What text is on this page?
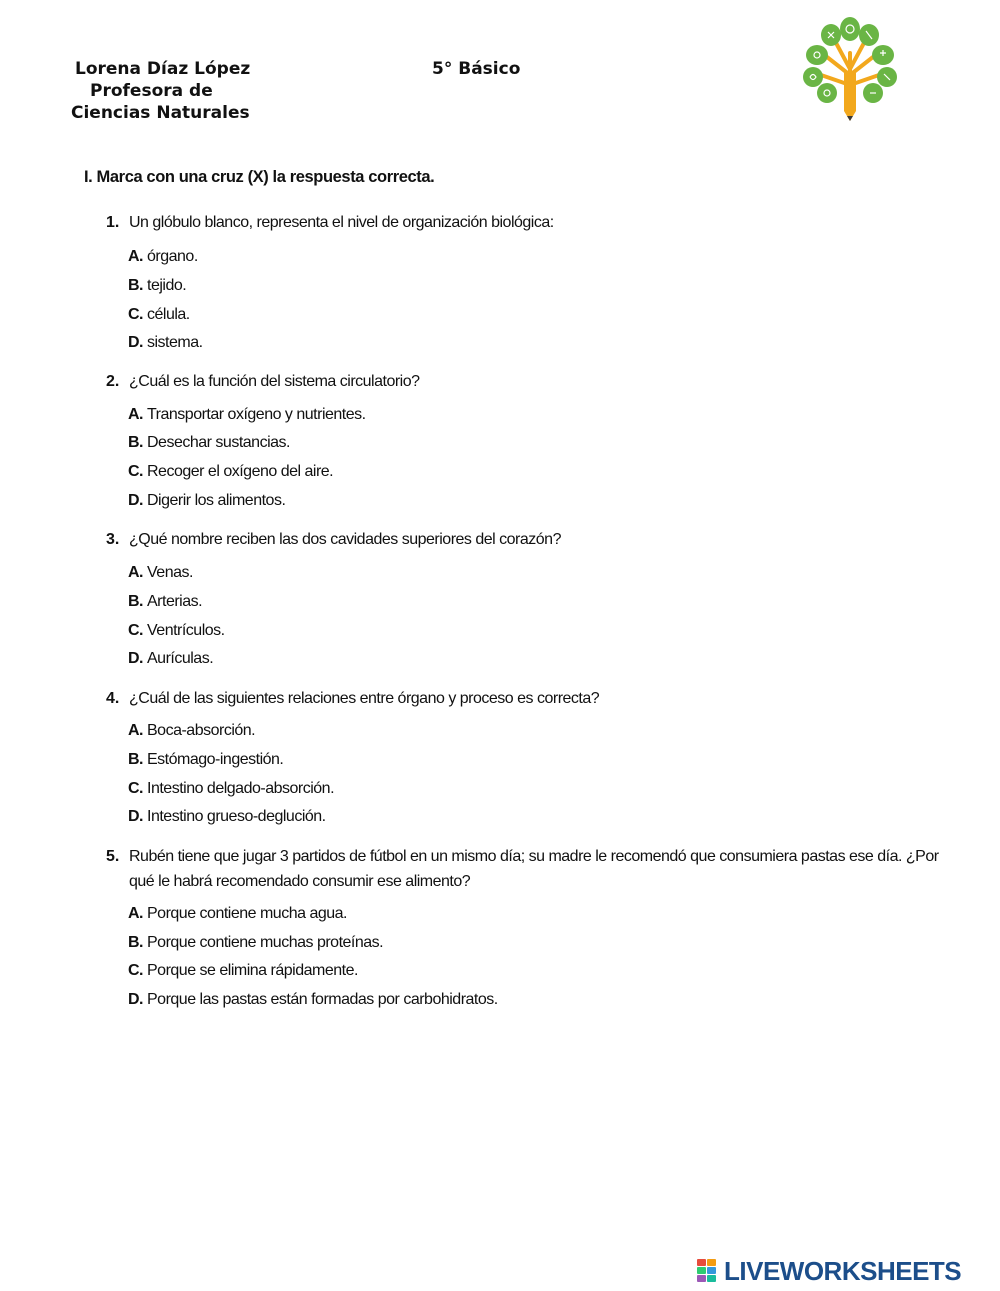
Lorena Díaz López
Profesora de
Ciencias Naturales
5° Básico
I. Marca con una cruz (X) la respuesta correcta.
1. Un glóbulo blanco, representa el nivel de organización biológica:
A. órgano.
B. tejido.
C. célula.
D. sistema.
2. ¿Cuál es la función del sistema circulatorio?
A. Transportar oxígeno y nutrientes.
B. Desechar sustancias.
C. Recoger el oxígeno del aire.
D. Digerir los alimentos.
3. ¿Qué nombre reciben las dos cavidades superiores del corazón?
A. Venas.
B. Arterias.
C. Ventrículos.
D. Aurículas.
4. ¿Cuál de las siguientes relaciones entre órgano y proceso es correcta?
A. Boca-absorción.
B. Estómago-ingestión.
C. Intestino delgado-absorción.
D. Intestino grueso-deglución.
5. Rubén tiene que jugar 3 partidos de fútbol en un mismo día; su madre le recomendó que consumiera pastas ese día. ¿Por qué le habrá recomendado consumir ese alimento?
A. Porque contiene mucha agua.
B. Porque contiene muchas proteínas.
C. Porque se elimina rápidamente.
D. Porque las pastas están formadas por carbohidratos.
LIVEWORKSHEETS
